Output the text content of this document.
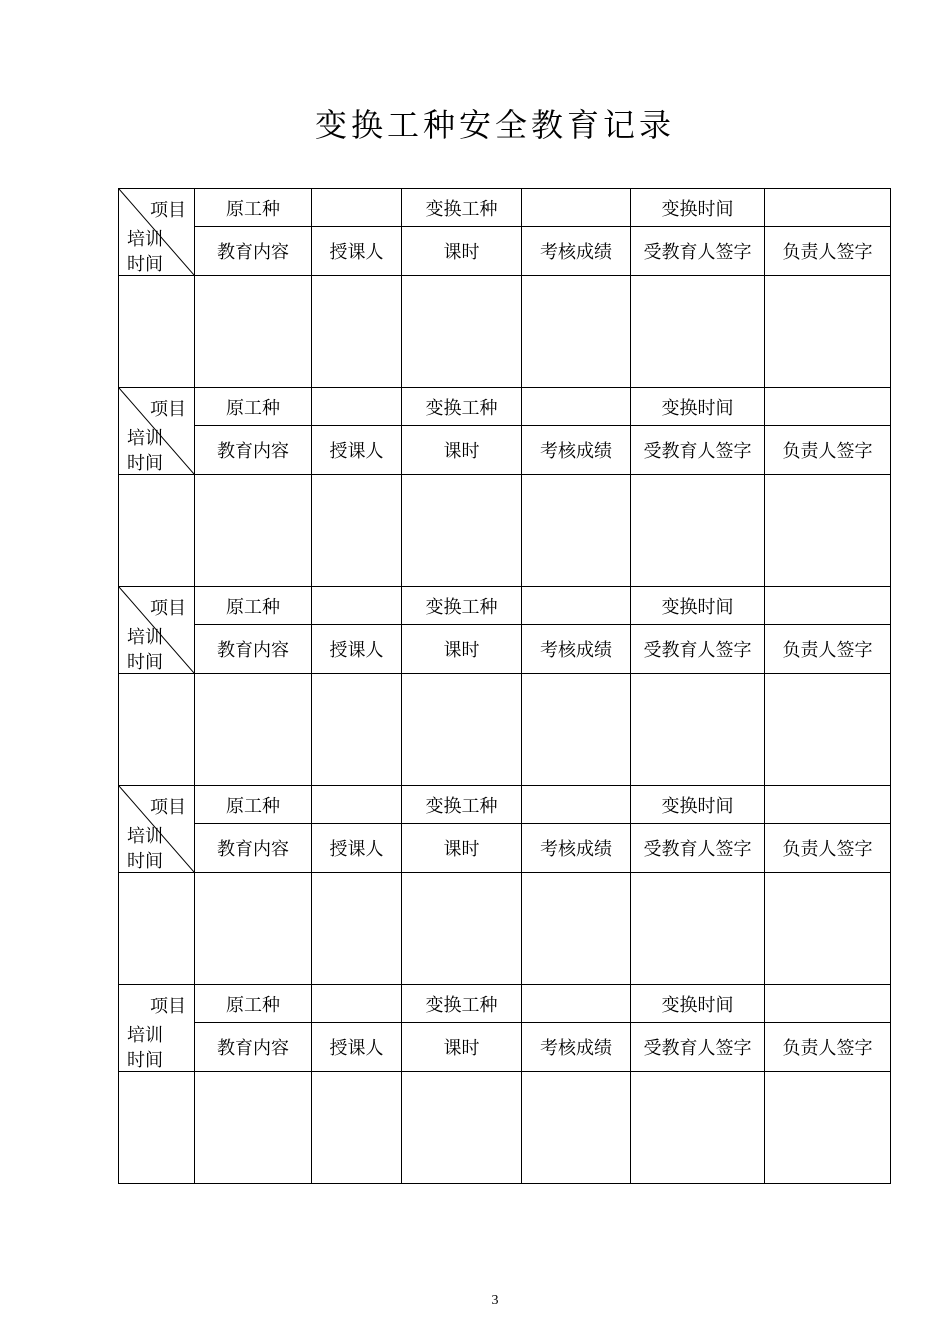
变换工种安全教育记录
项目
培训
时间	原工种		变换工种		变换时间	
	教育内容	授课人	课时	考核成绩	受教育人签字	负责人签字

项目
培训
时间	原工种		变换工种		变换时间	
	教育内容	授课人	课时	考核成绩	受教育人签字	负责人签字

项目
培训
时间	原工种		变换工种		变换时间	
	教育内容	授课人	课时	考核成绩	受教育人签字	负责人签字

项目
培训
时间	原工种		变换工种		变换时间	
	教育内容	授课人	课时	考核成绩	受教育人签字	负责人签字

项目
培训
时间	原工种		变换工种		变换时间	
	教育内容	授课人	课时	考核成绩	受教育人签字	负责人签字

3
